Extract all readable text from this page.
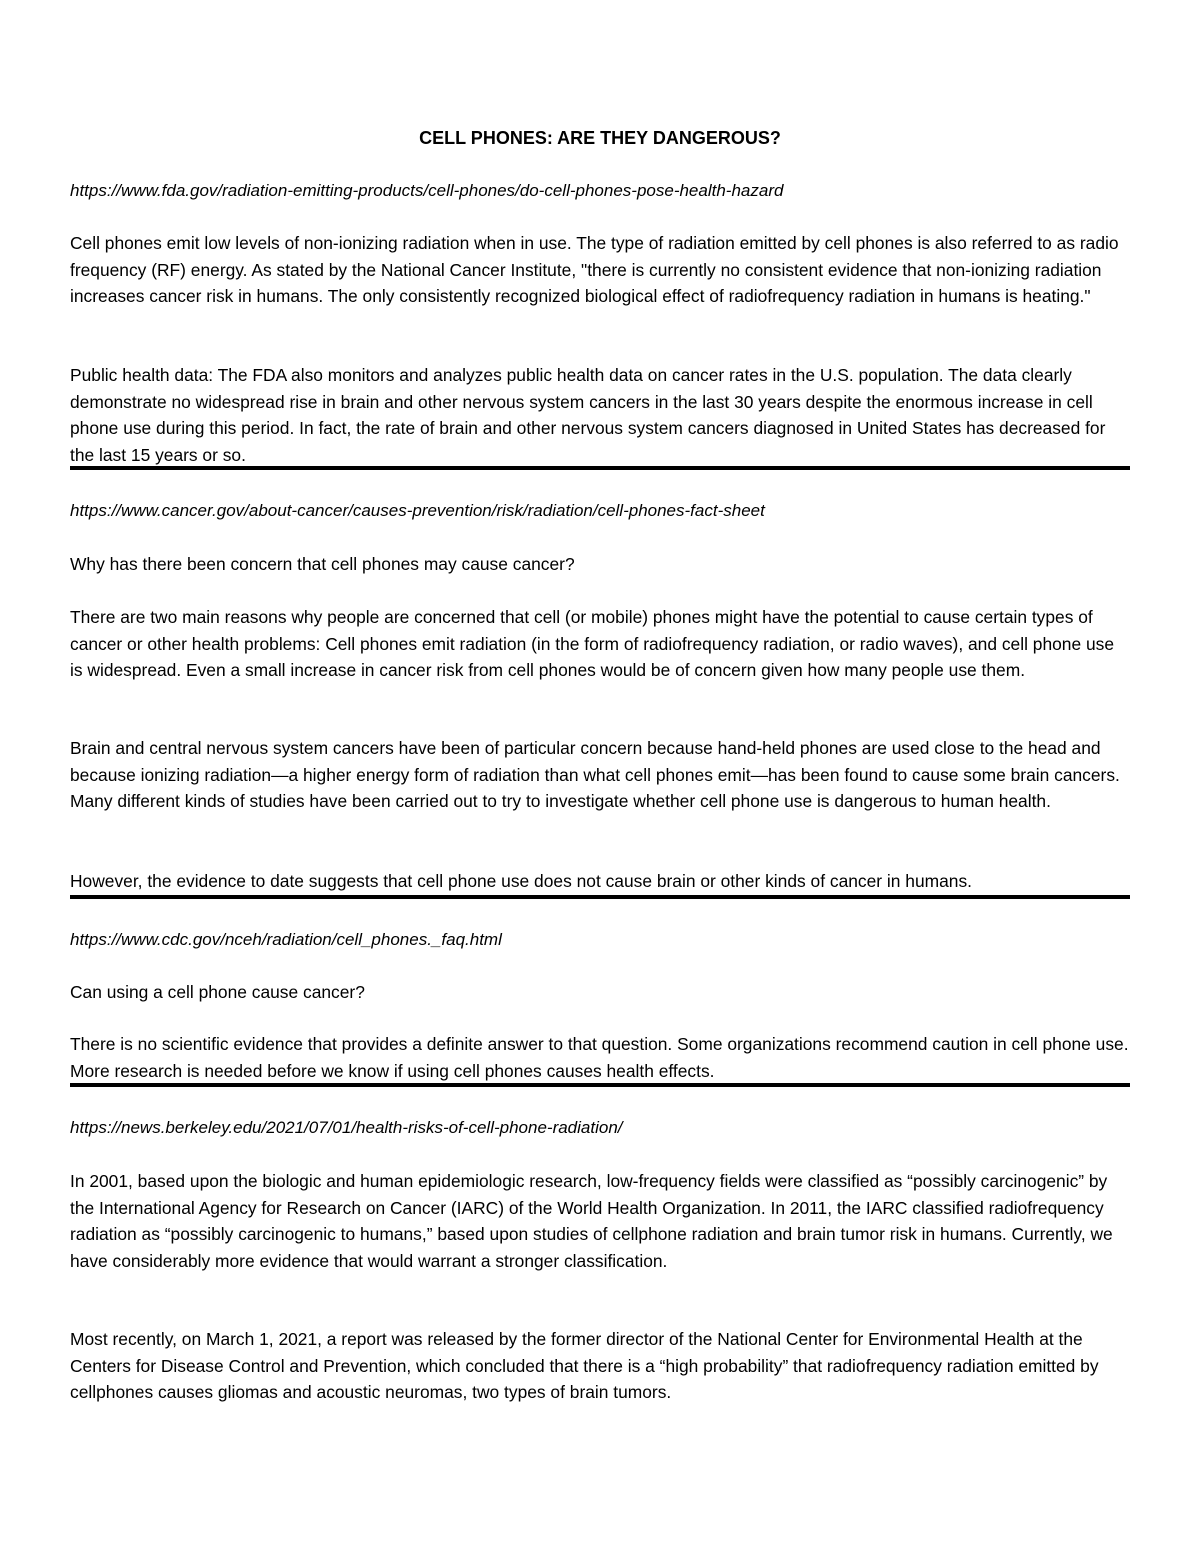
CELL PHONES: ARE THEY DANGEROUS?

https://www.fda.gov/radiation-emitting-products/cell-phones/do-cell-phones-pose-health-hazard

Cell phones emit low levels of non-ionizing radiation when in use. The type of radiation emitted by cell phones is also referred to as radio frequency (RF) energy. As stated by the National Cancer Institute, "there is currently no consistent evidence that non-ionizing radiation increases cancer risk in humans. The only consistently recognized biological effect of radiofrequency radiation in humans is heating."

Public health data: The FDA also monitors and analyzes public health data on cancer rates in the U.S. population. The data clearly demonstrate no widespread rise in brain and other nervous system cancers in the last 30 years despite the enormous increase in cell phone use during this period. In fact, the rate of brain and other nervous system cancers diagnosed in United States has decreased for the last 15 years or so.

https://www.cancer.gov/about-cancer/causes-prevention/risk/radiation/cell-phones-fact-sheet

Why has there been concern that cell phones may cause cancer?

There are two main reasons why people are concerned that cell (or mobile) phones might have the potential to cause certain types of cancer or other health problems: Cell phones emit radiation (in the form of radiofrequency radiation, or radio waves), and cell phone use is widespread. Even a small increase in cancer risk from cell phones would be of concern given how many people use them.

Brain and central nervous system cancers have been of particular concern because hand-held phones are used close to the head and because ionizing radiation—a higher energy form of radiation than what cell phones emit—has been found to cause some brain cancers. Many different kinds of studies have been carried out to try to investigate whether cell phone use is dangerous to human health.

However, the evidence to date suggests that cell phone use does not cause brain or other kinds of cancer in humans.

https://www.cdc.gov/nceh/radiation/cell_phones._faq.html

Can using a cell phone cause cancer?

There is no scientific evidence that provides a definite answer to that question. Some organizations recommend caution in cell phone use. More research is needed before we know if using cell phones causes health effects.

https://news.berkeley.edu/2021/07/01/health-risks-of-cell-phone-radiation/

In 2001, based upon the biologic and human epidemiologic research, low-frequency fields were classified as “possibly carcinogenic” by the International Agency for Research on Cancer (IARC) of the World Health Organization. In 2011, the IARC classified radiofrequency radiation as “possibly carcinogenic to humans,” based upon studies of cellphone radiation and brain tumor risk in humans. Currently, we have considerably more evidence that would warrant a stronger classification.

Most recently, on March 1, 2021, a report was released by the former director of the National Center for Environmental Health at the Centers for Disease Control and Prevention, which concluded that there is a “high probability” that radiofrequency radiation emitted by cellphones causes gliomas and acoustic neuromas, two types of brain tumors.
